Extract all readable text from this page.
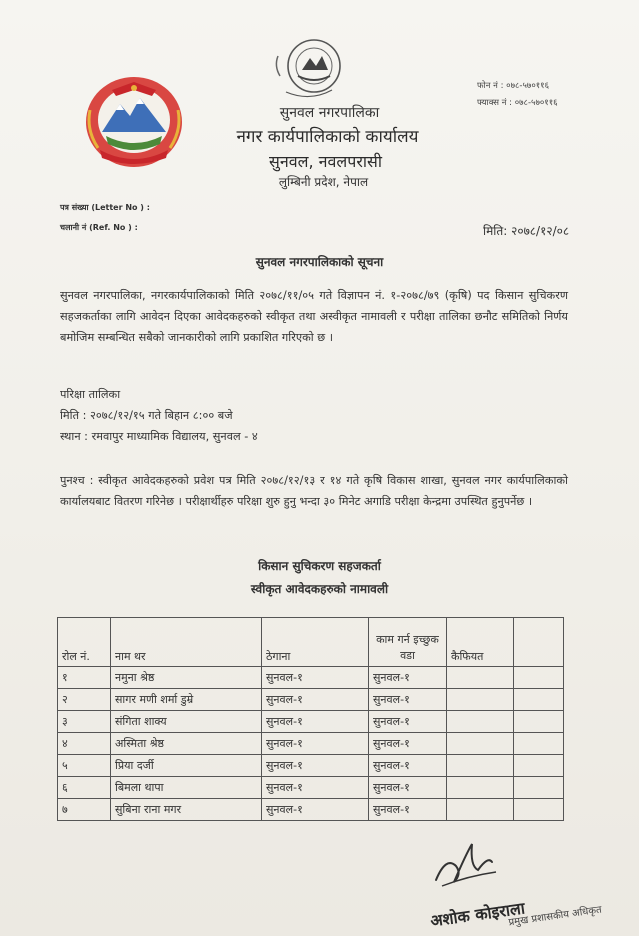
सुनवल नगरपालिका
नगर कार्यपालिकाको कार्यालय
सुनवल, नवलपरासी
लुम्बिनी प्रदेश, नेपाल
फोन नं : ०७८-५७०११६
फ्याक्स नं : ०७८-५७०११६
पत्र संख्या (Letter No ) :
चलानी नं (Ref. No ) :	मिति: २०७८/१२/०८
सुनवल नगरपालिकाको सूचना
सुनवल नगरपालिका, नगरकार्यपालिकाको मिति २०७८/११/०५ गते विज्ञापन नं. १-२०७८/७९ (कृषि) पद किसान सुचिकरण सहजकर्ताका लागि आवेदन दिएका आवेदकहरुको स्वीकृत तथा अस्वीकृत नामावली र परीक्षा तालिका छनौट समितिको निर्णय बमोजिम सम्बन्धित सबैको जानकारीको लागि प्रकाशित गरिएको छ ।
परिक्षा तालिका
मिति : २०७८/१२/१५ गते बिहान ८:०० बजे
स्थान : रमवापुर माध्यामिक विद्यालय, सुनवल - ४
पुनश्च : स्वीकृत आवेदकहरुको प्रवेश पत्र मिति २०७८/१२/१३ र १४ गते कृषि विकास शाखा, सुनवल नगर कार्यपालिकाको कार्यालयबाट वितरण गरिनेछ । परीक्षार्थीहरु परिक्षा शुरु हुनु भन्दा ३० मिनेट अगाडि परीक्षा केन्द्रमा उपस्थित हुनुपर्नेछ ।
किसान सुचिकरण सहजकर्ता
स्वीकृत आवेदकहरुको नामावली
रोल नं.	नाम थर	ठेगाना	काम गर्न इच्छुक वडा	कैफियत	
१	नमुना श्रेष्ठ	सुनवल-१	सुनवल-१		
२	सागर मणी शर्मा डुम्रे	सुनवल-१	सुनवल-१		
३	संगिता शाक्य	सुनवल-१	सुनवल-१		
४	अस्मिता श्रेष्ठ	सुनवल-१	सुनवल-१		
५	प्रिया दर्जी	सुनवल-१	सुनवल-१		
६	बिमला थापा	सुनवल-१	सुनवल-१		
७	सुबिना राना मगर	सुनवल-१	सुनवल-१		
अशोक कोइराला
प्रमुख प्रशासकीय अधिकृत
